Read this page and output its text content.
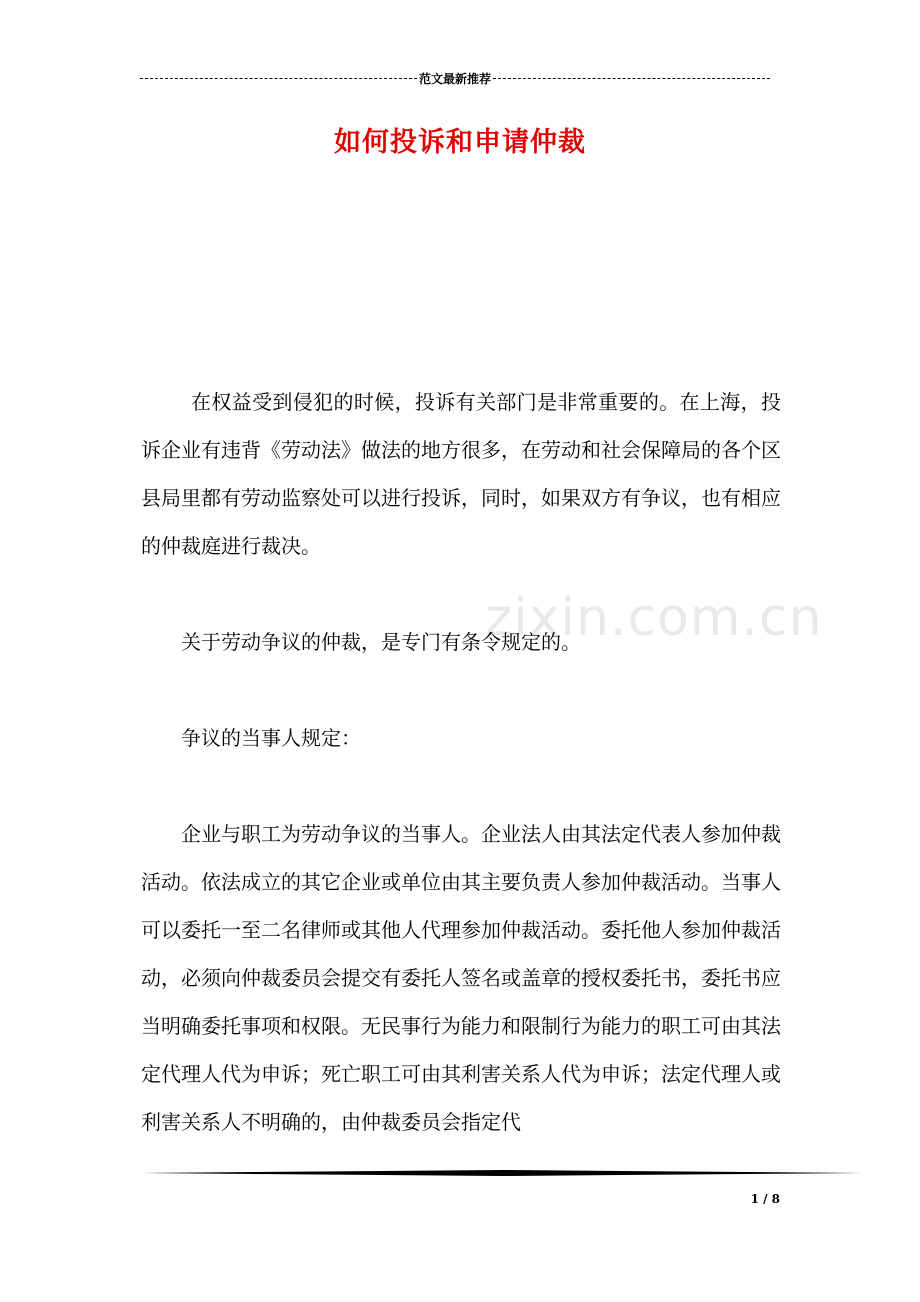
范文最新推荐
如何投诉和申请仲裁
zixin.com.cn

在权益受到侵犯的时候，投诉有关部门是非常重要的。在上海，投诉企业有违背《劳动法》做法的地方很多，在劳动和社会保障局的各个区县局里都有劳动监察处可以进行投诉，同时，如果双方有争议，也有相应的仲裁庭进行裁决。

关于劳动争议的仲裁，是专门有条令规定的。

争议的当事人规定：

企业与职工为劳动争议的当事人。企业法人由其法定代表人参加仲裁活动。依法成立的其它企业或单位由其主要负责人参加仲裁活动。当事人可以委托一至二名律师或其他人代理参加仲裁活动。委托他人参加仲裁活动，必须向仲裁委员会提交有委托人签名或盖章的授权委托书，委托书应当明确委托事项和权限。无民事行为能力和限制行为能力的职工可由其法定代理人代为申诉；死亡职工可由其利害关系人代为申诉；法定代理人或利害关系人不明确的，由仲裁委员会指定代

1 / 8
